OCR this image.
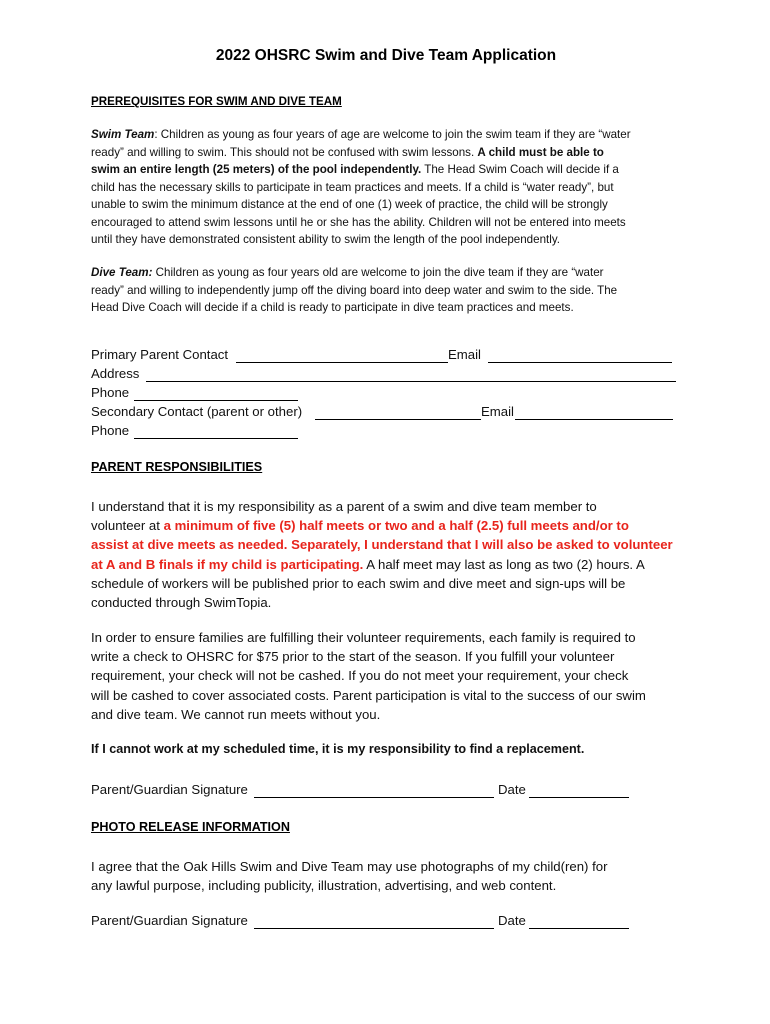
2022 OHSRC Swim and Dive Team Application
PREREQUISITES FOR SWIM AND DIVE TEAM
Swim Team: Children as young as four years of age are welcome to join the swim team if they are “water
ready” and willing to swim. This should not be confused with swim lessons. A child must be able to
swim an entire length (25 meters) of the pool independently. The Head Swim Coach will decide if a
child has the necessary skills to participate in team practices and meets. If a child is “water ready”, but
unable to swim the minimum distance at the end of one (1) week of practice, the child will be strongly
encouraged to attend swim lessons until he or she has the ability. Children will not be entered into meets
until they have demonstrated consistent ability to swim the length of the pool independently.
Dive Team: Children as young as four years old are welcome to join the dive team if they are “water
ready” and willing to independently jump off the diving board into deep water and swim to the side. The
Head Dive Coach will decide if a child is ready to participate in dive team practices and meets.
Primary Parent Contact	Email
Address
Phone
Secondary Contact (parent or other)	Email
Phone
PARENT RESPONSIBILITIES
I understand that it is my responsibility as a parent of a swim and dive team member to
volunteer at a minimum of five (5) half meets or two and a half (2.5) full meets and/or to
assist at dive meets as needed. Separately, I understand that I will also be asked to volunteer
at A and B finals if my child is participating. A half meet may last as long as two (2) hours. A
schedule of workers will be published prior to each swim and dive meet and sign-ups will be
conducted through SwimTopia.
In order to ensure families are fulfilling their volunteer requirements, each family is required to
write a check to OHSRC for $75 prior to the start of the season. If you fulfill your volunteer
requirement, your check will not be cashed. If you do not meet your requirement, your check
will be cashed to cover associated costs. Parent participation is vital to the success of our swim
and dive team. We cannot run meets without you.
If I cannot work at my scheduled time, it is my responsibility to find a replacement.
Parent/Guardian Signature	Date
PHOTO RELEASE INFORMATION
I agree that the Oak Hills Swim and Dive Team may use photographs of my child(ren) for
any lawful purpose, including publicity, illustration, advertising, and web content.
Parent/Guardian Signature	Date
